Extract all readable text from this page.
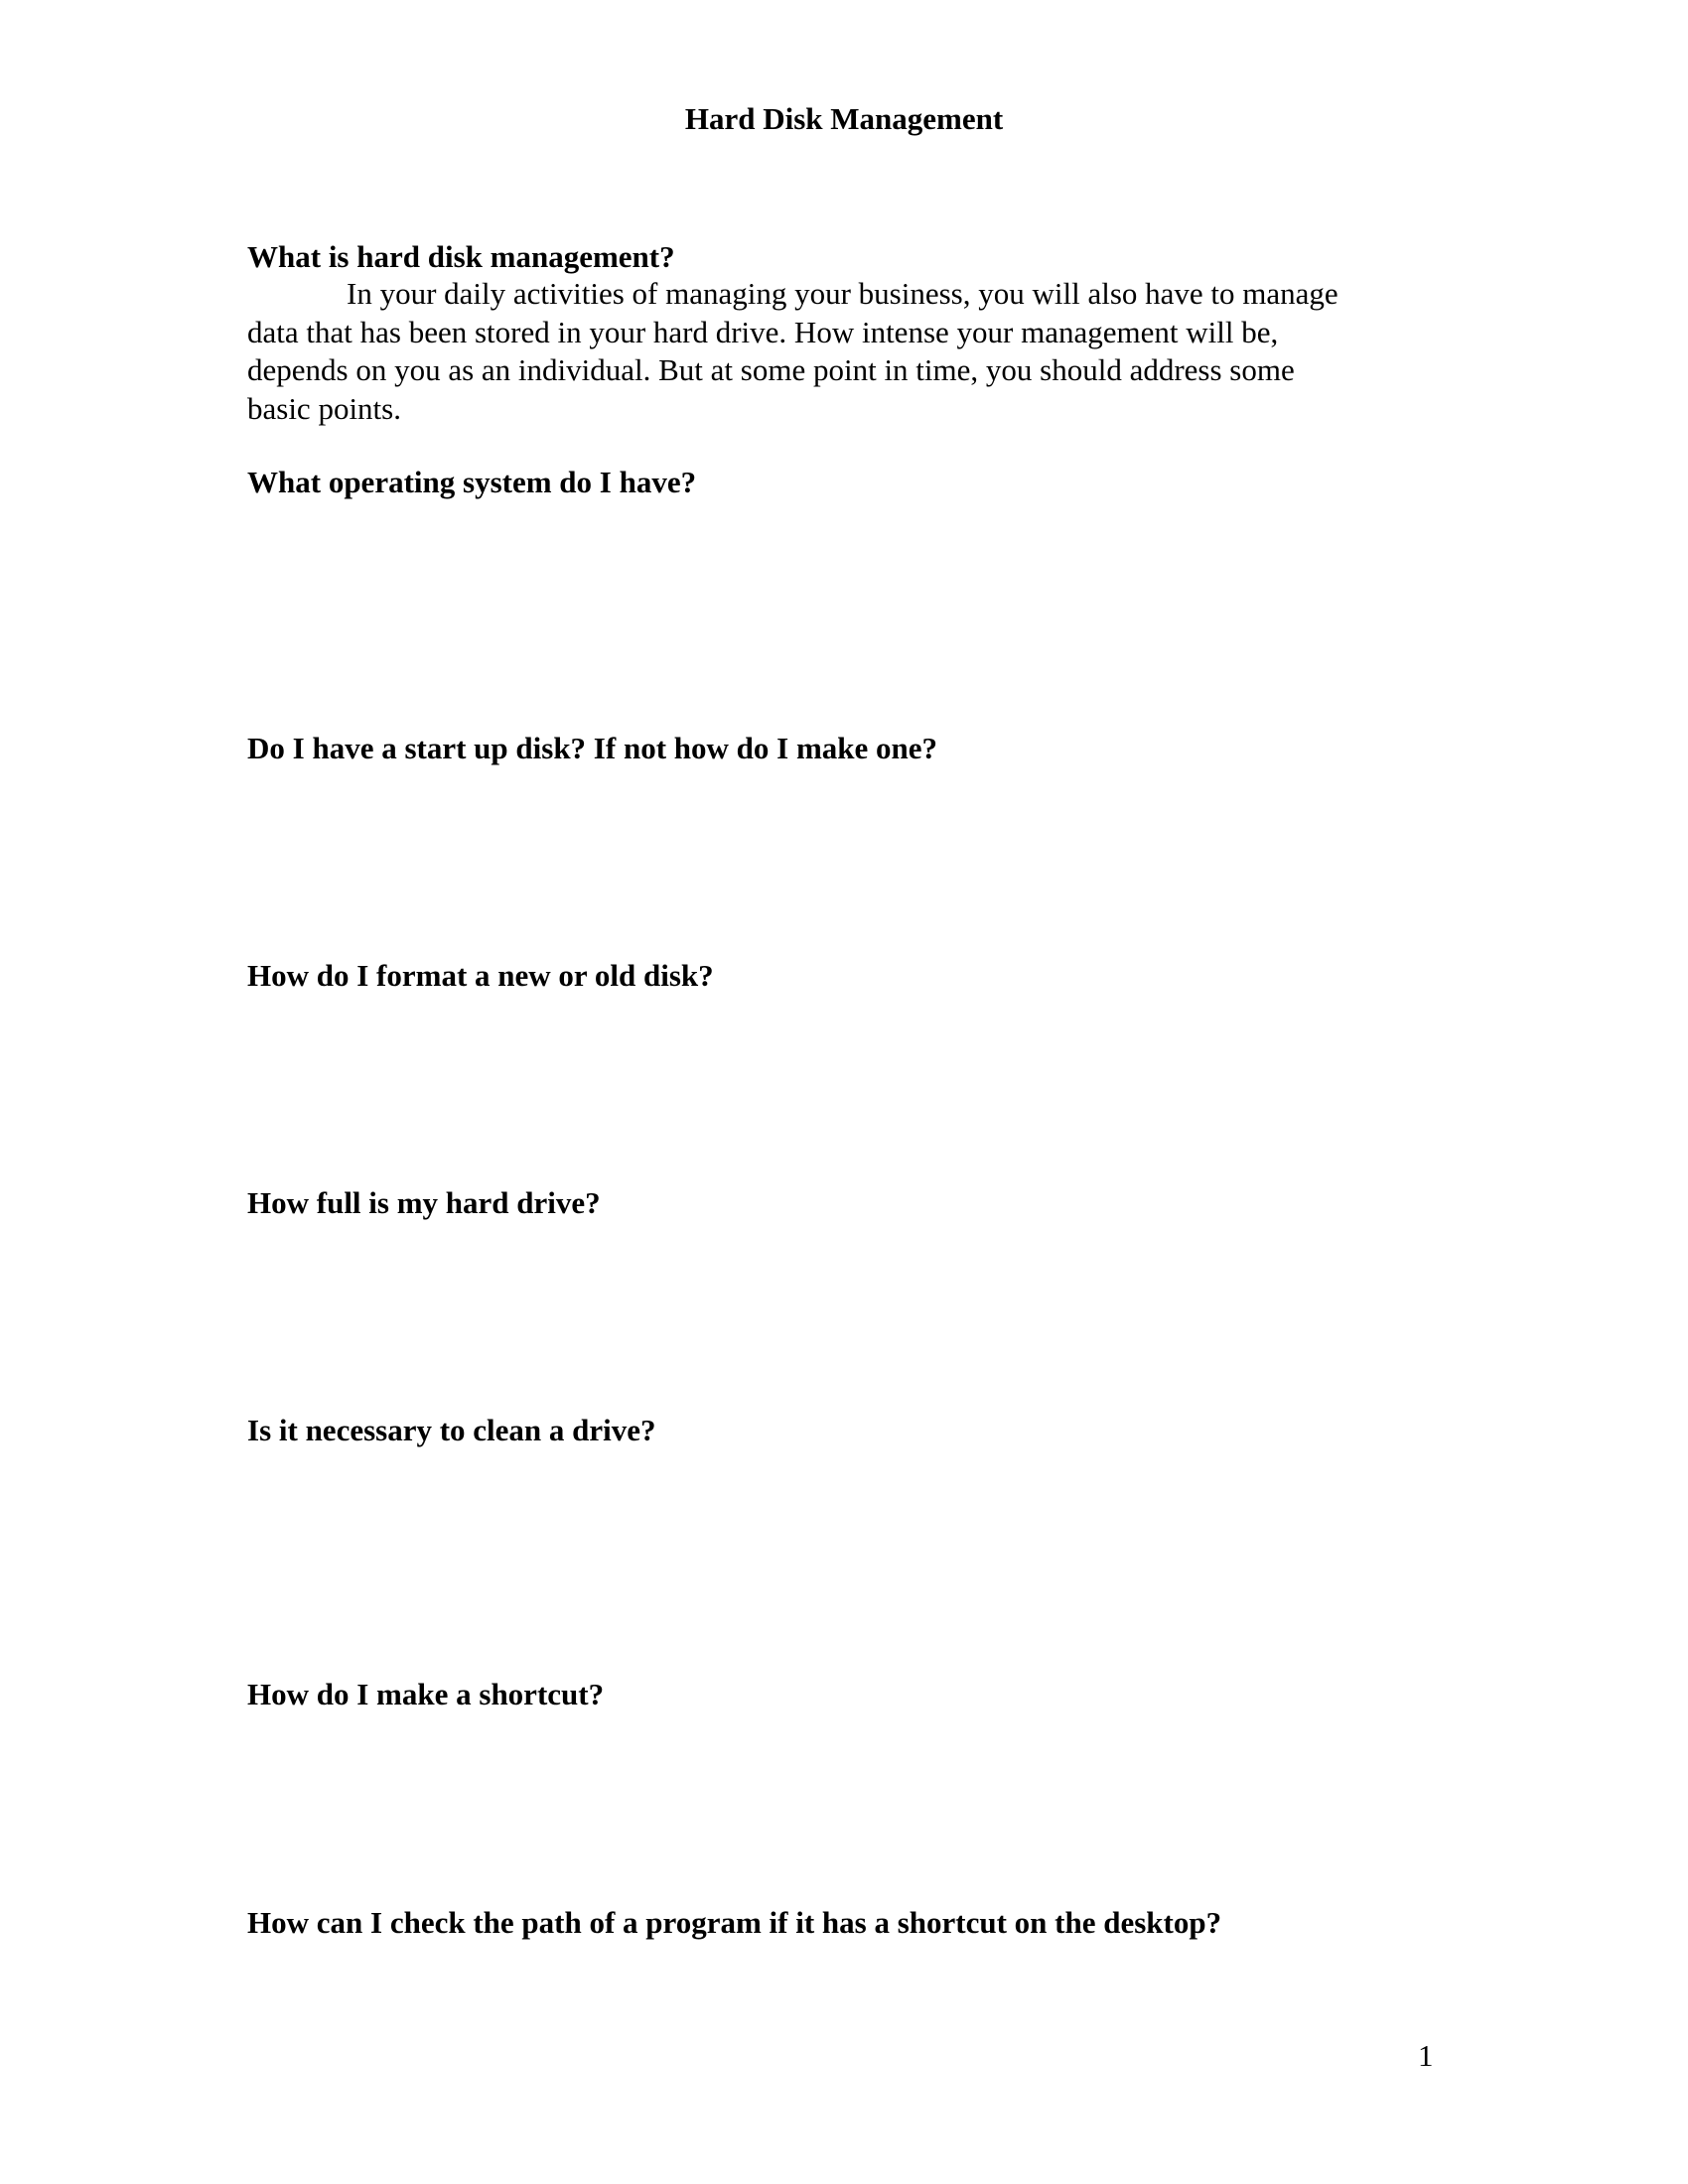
Hard Disk Management
What is hard disk management?
In your daily activities of managing your business, you will also have to manage
data that has been stored in your hard drive. How intense your management will be,
depends on you as an individual. But at some point in time, you should address some
basic points.
What operating system do I have?
Do I have a start up disk? If not how do I make one?
How do I format a new or old disk?
How full is my hard drive?
Is it necessary to clean a drive?
How do I make a shortcut?
How can I check the path of a program if it has a shortcut on the desktop?
1
